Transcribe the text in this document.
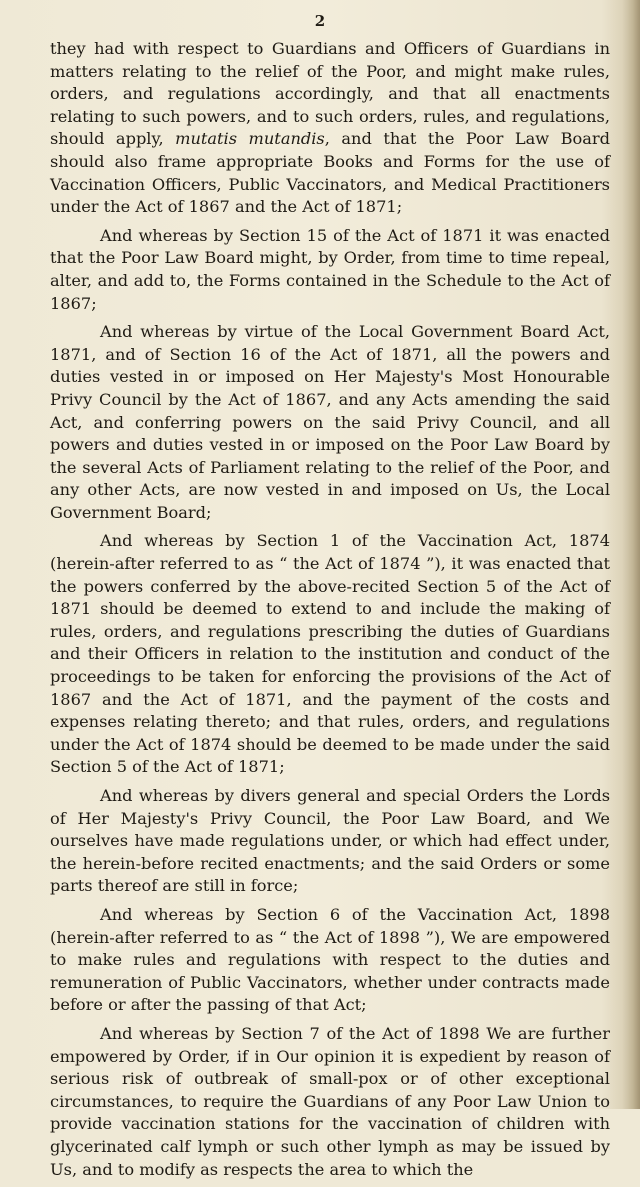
2

they had with respect to Guardians and Officers of Guardians in matters relating to the relief of the Poor, and might make rules, orders, and regulations accordingly, and that all enactments relating to such powers, and to such orders, rules, and regulations, should apply, mutatis mutandis, and that the Poor Law Board should also frame appropriate Books and Forms for the use of Vaccination Officers, Public Vaccinators, and Medical Practitioners under the Act of 1867 and the Act of 1871;

And whereas by Section 15 of the Act of 1871 it was enacted that the Poor Law Board might, by Order, from time to time repeal, alter, and add to, the Forms contained in the Schedule to the Act of 1867;

And whereas by virtue of the Local Government Board Act, 1871, and of Section 16 of the Act of 1871, all the powers and duties vested in or imposed on Her Majesty's Most Honourable Privy Council by the Act of 1867, and any Acts amending the said Act, and conferring powers on the said Privy Council, and all powers and duties vested in or imposed on the Poor Law Board by the several Acts of Parliament relating to the relief of the Poor, and any other Acts, are now vested in and imposed on Us, the Local Government Board;

And whereas by Section 1 of the Vaccination Act, 1874 (herein-after referred to as “ the Act of 1874 ”), it was enacted that the powers conferred by the above-recited Section 5 of the Act of 1871 should be deemed to extend to and include the making of rules, orders, and regulations prescribing the duties of Guardians and their Officers in relation to the institution and conduct of the proceedings to be taken for enforcing the provisions of the Act of 1867 and the Act of 1871, and the payment of the costs and expenses relating thereto; and that rules, orders, and regulations under the Act of 1874 should be deemed to be made under the said Section 5 of the Act of 1871;

And whereas by divers general and special Orders the Lords of Her Majesty's Privy Council, the Poor Law Board, and We ourselves have made regulations under, or which had effect under, the herein-before recited enactments; and the said Orders or some parts thereof are still in force;

And whereas by Section 6 of the Vaccination Act, 1898 (herein-after referred to as “ the Act of 1898 ”), We are empowered to make rules and regulations with respect to the duties and remuneration of Public Vaccinators, whether under contracts made before or after the passing of that Act;

And whereas by Section 7 of the Act of 1898 We are further empowered by Order, if in Our opinion it is expedient by reason of serious risk of outbreak of small-pox or of other exceptional circumstances, to require the Guardians of any Poor Law Union to provide vaccination stations for the vaccination of children with glycerinated calf lymph or such other lymph as may be issued by Us, and to modify as respects the area to which the
